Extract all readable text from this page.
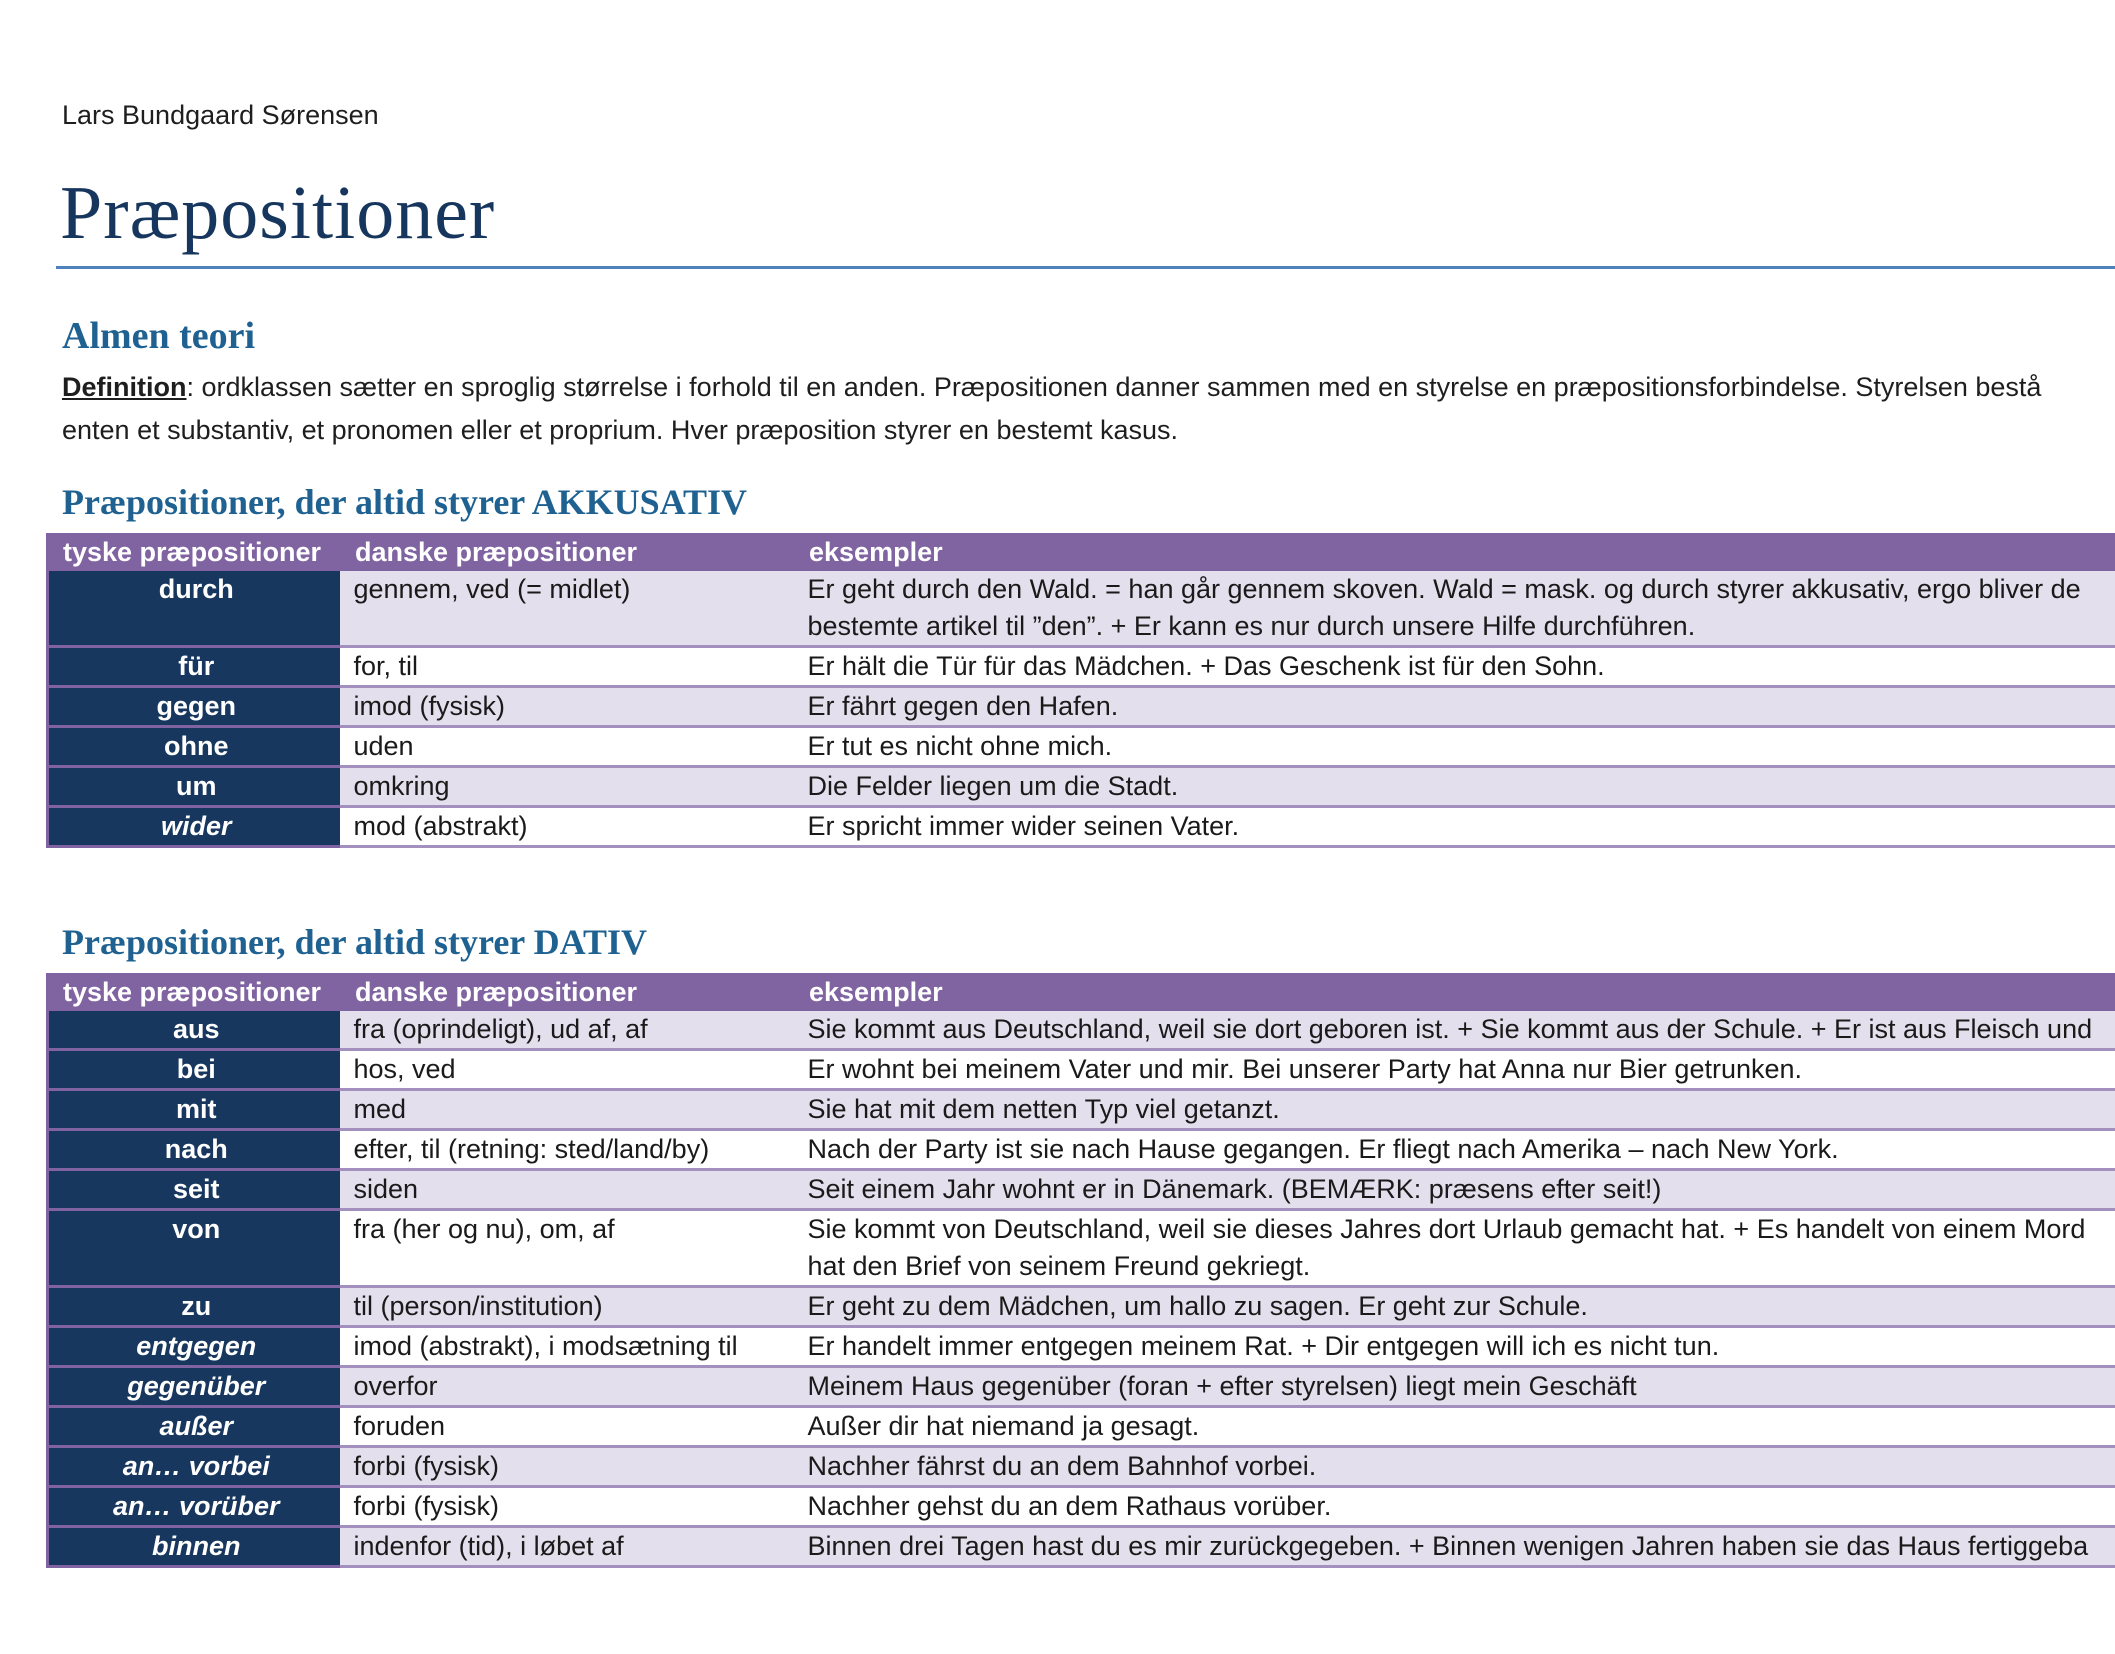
Lars Bundgaard Sørensen
Præpositioner
Almen teori
Definition: ordklassen sætter en sproglig størrelse i forhold til en anden. Præpositionen danner sammen med en styrelse en præpositionsforbindelse. Styrelsen bestå
enten et substantiv, et pronomen eller et proprium. Hver præposition styrer en bestemt kasus.
Præpositioner, der altid styrer AKKUSATIV
tyske præpositioner	danske præpositioner	eksempler
durch	gennem, ved (= midlet)	Er geht durch den Wald. = han går gennem skoven. Wald = mask. og durch styrer akkusativ, ergo bliver de
bestemte artikel til ”den”. + Er kann es nur durch unsere Hilfe durchführen.

für	for, til	Er hält die Tür für das Mädchen. + Das Geschenk ist für den Sohn.
gegen	imod (fysisk)	Er fährt gegen den Hafen.
ohne	uden	Er tut es nicht ohne mich.
um	omkring	Die Felder liegen um die Stadt.
wider	mod (abstrakt)	Er spricht immer wider seinen Vater.
Præpositioner, der altid styrer DATIV
tyske præpositioner	danske præpositioner	eksempler
aus	fra (oprindeligt), ud af, af	Sie kommt aus Deutschland, weil sie dort geboren ist. + Sie kommt aus der Schule. + Er ist aus Fleisch und
bei	hos, ved	Er wohnt bei meinem Vater und mir. Bei unserer Party hat Anna nur Bier getrunken.
mit	med	Sie hat mit dem netten Typ viel getanzt.
nach	efter, til (retning: sted/land/by)	Nach der Party ist sie nach Hause gegangen. Er fliegt nach Amerika – nach New York.
seit	siden	Seit einem Jahr wohnt er in Dänemark. (BEMÆRK: præsens efter seit!)
von	fra (her og nu), om, af	Sie kommt von Deutschland, weil sie dieses Jahres dort Urlaub gemacht hat. + Es handelt von einem Mord
hat den Brief von seinem Freund gekriegt.

zu	til (person/institution)	Er geht zu dem Mädchen, um hallo zu sagen. Er geht zur Schule.
entgegen	imod (abstrakt), i modsætning til	Er handelt immer entgegen meinem Rat. + Dir entgegen will ich es nicht tun.
gegenüber	overfor	Meinem Haus gegenüber (foran + efter styrelsen) liegt mein Geschäft
außer	foruden	Außer dir hat niemand ja gesagt.
an… vorbei	forbi (fysisk)	Nachher fährst du an dem Bahnhof vorbei.
an… vorüber	forbi (fysisk)	Nachher gehst du an dem Rathaus vorüber.
binnen	indenfor (tid), i løbet af	Binnen drei Tagen hast du es mir zurückgegeben. + Binnen wenigen Jahren haben sie das Haus fertiggeba
